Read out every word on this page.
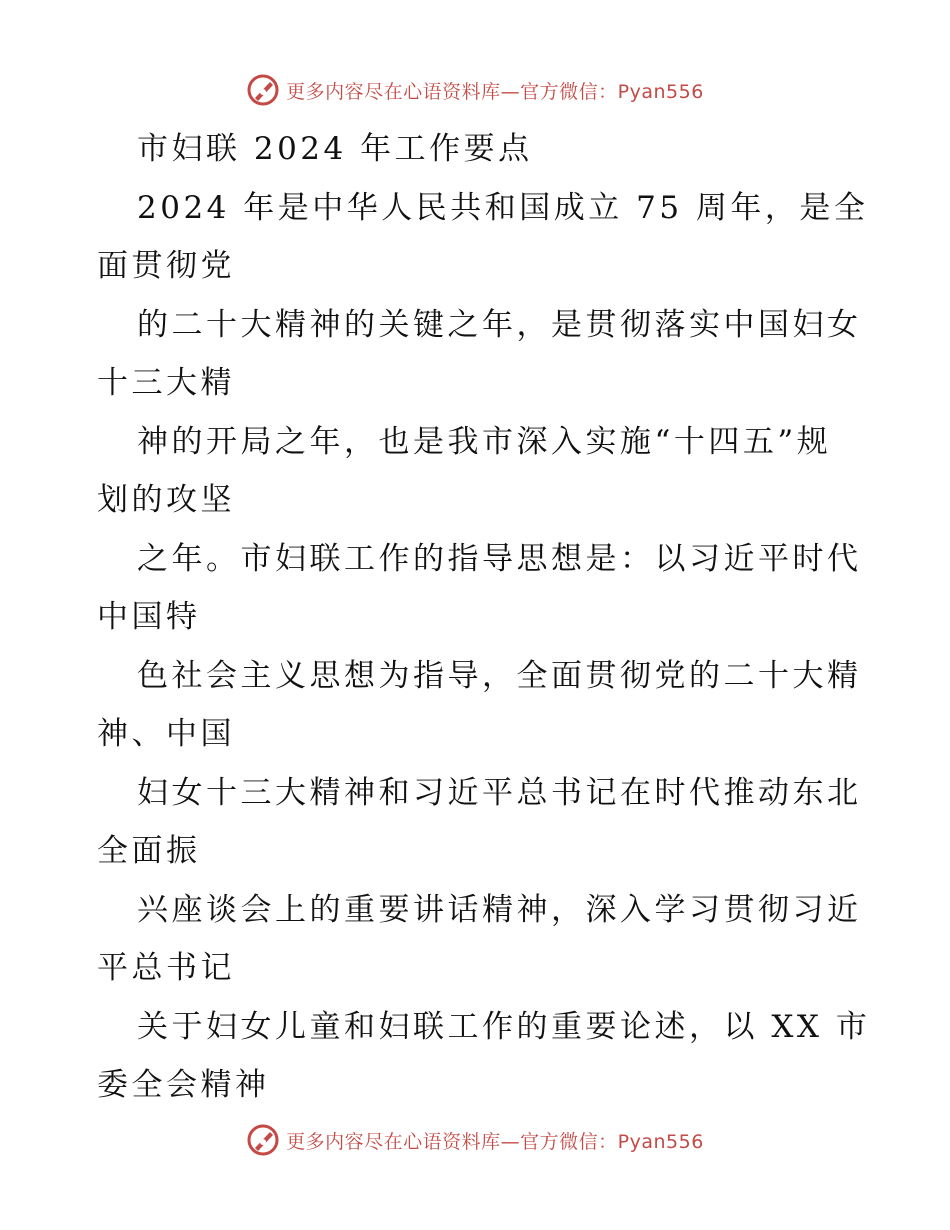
更多内容尽在心语资料库—官方微信：Pyan556
市妇联 2024 年工作要点
2024 年是中华人民共和国成立 75 周年，是全
面贯彻党
的二十大精神的关键之年，是贯彻落实中国妇女
十三大精
神的开局之年，也是我市深入实施“十四五”规
划的攻坚
之年。市妇联工作的指导思想是：以习近平时代
中国特
色社会主义思想为指导，全面贯彻党的二十大精
神、中国
妇女十三大精神和习近平总书记在时代推动东北
全面振
兴座谈会上的重要讲话精神，深入学习贯彻习近
平总书记
关于妇女儿童和妇联工作的重要论述，以 XX 市
委全会精神
更多内容尽在心语资料库—官方微信：Pyan556
